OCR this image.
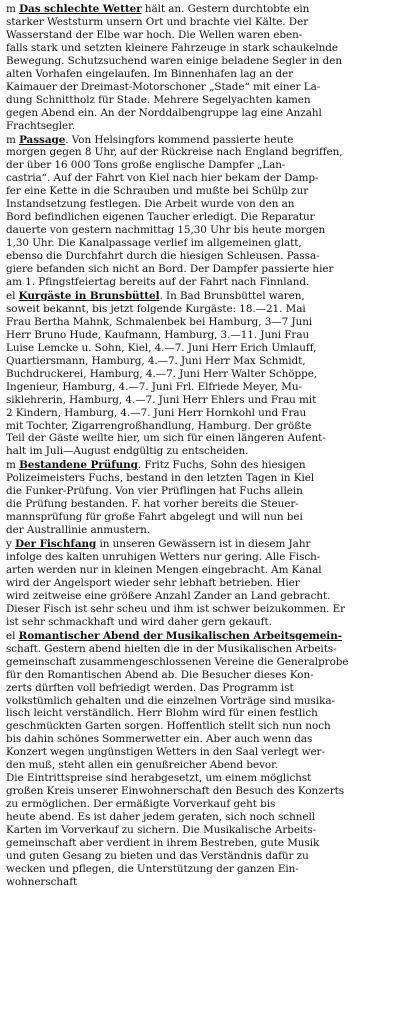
m Das schlechte Wetter hält an. Gestern durchtobte ein
starker Weststurm unsern Ort und brachte viel Kälte. Der
Wasserstand der Elbe war hoch. Die Wellen waren eben-
falls stark und setzten kleinere Fahrzeuge in stark schaukelnde
Bewegung. Schutzsuchend waren einige beladene Segler in den
alten Vorhafen eingelaufen. Im Binnenhafen lag an der
Kaimauer der Dreimast-Motorschoner „Stade“ mit einer La-
dung Schnittholz für Stade. Mehrere Segelyachten kamen
gegen Abend ein. An der Norddalbengruppe lag eine Anzahl
Frachtsegler.
m Passage. Von Helsingfors kommend passierte heute
morgen gegen 8 Uhr, auf der Rückreise nach England begriffen,
der über 16 000 Tons große englische Dampfer „Lan-
castria“. Auf der Fahrt von Kiel nach hier bekam der Damp-
fer eine Kette in die Schrauben und mußte bei Schülp zur
Instandsetzung festlegen. Die Arbeit wurde von den an
Bord befindlichen eigenen Taucher erledigt. Die Reparatur
dauerte von gestern nachmittag 15,30 Uhr bis heute morgen
1,30 Uhr. Die Kanalpassage verlief im allgemeinen glatt,
ebenso die Durchfahrt durch die hiesigen Schleusen. Passa-
giere befanden sich nicht an Bord. Der Dampfer passierte hier
am 1. Pfingstfeiertag bereits auf der Fahrt nach Finnland.
el Kurgäste in Brunsbüttel. In Bad Brunsbüttel waren,
soweit bekannt, bis jetzt folgende Kurgäste: 18.—21. Mai
Frau Bertha Mahnk, Schmalenbek bei Hamburg, 3—7 Juni
Herr Bruno Hude, Kaufmann, Hamburg, 3.—11. Juni Frau
Luise Lemcke u. Sohn, Kiel, 4.—7. Juni Herr Erich Umlauff,
Quartiersmann, Hamburg, 4.—7. Juni Herr Max Schmidt,
Buchdruckerei, Hamburg, 4.—7. Juni Herr Walter Schöppe,
Ingenieur, Hamburg, 4.—7. Juni Frl. Elfriede Meyer, Mu-
siklehrerin, Hamburg, 4.—7. Juni Herr Ehlers und Frau mit
2 Kindern, Hamburg, 4.—7. Juni Herr Hornkohl und Frau
mit Tochter, Zigarrengroßhandlung, Hamburg. Der größte
Teil der Gäste weilte hier, um sich für einen längeren Aufent-
halt im Juli—August endgültig zu entscheiden.
m Bestandene Prüfung. Fritz Fuchs, Sohn des hiesigen
Polizeimeisters Fuchs, bestand in den letzten Tagen in Kiel
die Funker-Prüfung. Von vier Prüflingen hat Fuchs allein
die Prüfung bestanden. F. hat vorher bereits die Steuer-
mannsprüfung für große Fahrt abgelegt und will nun bei
der Australlinie anmustern.
y Der Fischfang in unseren Gewässern ist in diesem Jahr
infolge des kalten unruhigen Wetters nur gering. Alle Fisch-
arten werden nur in kleinen Mengen eingebracht. Am Kanal
wird der Angelsport wieder sehr lebhaft betrieben. Hier
wird zeitweise eine größere Anzahl Zander an Land gebracht.
Dieser Fisch ist sehr scheu und ihm ist schwer beizukommen. Er
ist sehr schmackhaft und wird daher gern gekauft.
el Romantischer Abend der Musikalischen Arbeitsgemein-
schaft. Gestern abend hielten die in der Musikalischen Arbeits-
gemeinschaft zusammengeschlossenen Vereine die Generalprobe
für den Romantischen Abend ab. Die Besucher dieses Kon-
zerts dürften voll befriedigt werden. Das Programm ist
volkstümlich gehalten und die einzelnen Vorträge sind musika-
lisch leicht verständlich. Herr Blohm wird für einen festlich
geschmückten Garten sorgen. Hoffentlich stellt sich nun noch
bis dahin schönes Sommerwetter ein. Aber auch wenn das
Konzert wegen ungünstigen Wetters in den Saal verlegt wer-
den muß, steht allen ein genußreicher Abend bevor.
Die Eintrittspreise sind herabgesetzt, um einem möglichst
großen Kreis unserer Einwohnerschaft den Besuch des Konzerts
zu ermöglichen. Der ermäßigte Vorverkauf geht bis
heute abend. Es ist daher jedem geraten, sich noch schnell
Karten im Vorverkauf zu sichern. Die Musikalische Arbeits-
gemeinschaft aber verdient in ihrem Bestreben, gute Musik
und guten Gesang zu bieten und das Verständnis dafür zu
wecken und pflegen, die Unterstützung der ganzen Ein-
wohnerschaft
